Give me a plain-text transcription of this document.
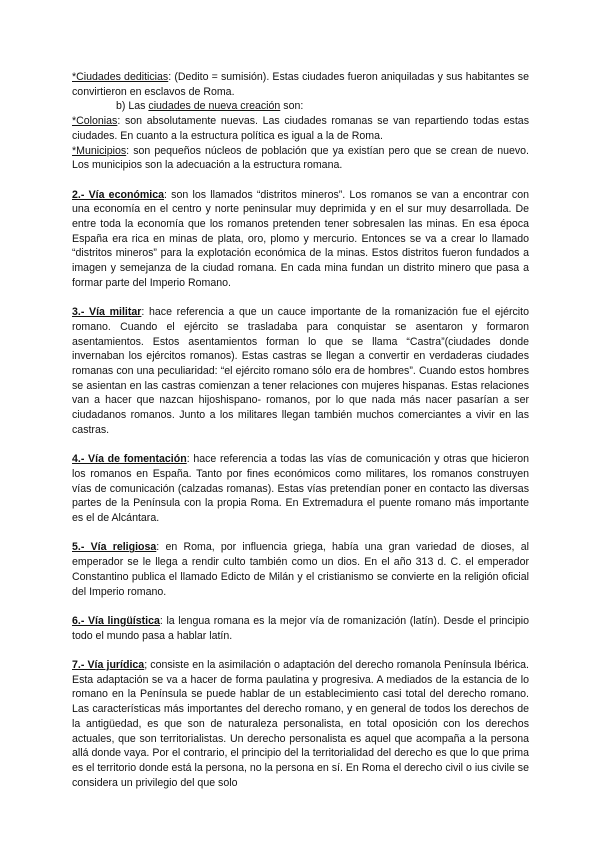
*Ciudades dediticias: (Dedito = sumisión). Estas ciudades fueron aniquiladas y sus habitantes se convirtieron en esclavos de Roma.

b) Las ciudades de nueva creación son:

*Colonias: son absolutamente nuevas. Las ciudades romanas se van repartiendo todas estas ciudades. En cuanto a la estructura política es igual a la de Roma.

*Municipios: son pequeños núcleos de población que ya existían pero que se crean de nuevo. Los municipios son la adecuación a la estructura romana.

2.- Vía económica: son los llamados “distritos mineros”. Los romanos se van a encontrar con una economía en el centro y norte peninsular muy deprimida y en el sur muy desarrollada. De entre toda la economía que los romanos pretenden tener sobresalen las minas. En esa época España era rica en minas de plata, oro, plomo y mercurio. Entonces se va a crear lo llamado “distritos mineros” para la explotación económica de la minas. Estos distritos fueron fundados a imagen y semejanza de la ciudad romana. En cada mina fundan un distrito minero que pasa a formar parte del Imperio Romano.

3.- Vía militar: hace referencia a que un cauce importante de la romanización fue el ejército romano. Cuando el ejército se trasladaba para conquistar se asentaron y formaron asentamientos. Estos asentamientos forman lo que se llama “Castra”(ciudades donde invernaban los ejércitos romanos). Estas castras se llegan a convertir en verdaderas ciudades romanas con una peculiaridad: “el ejército romano sólo era de hombres”. Cuando estos hombres se asientan en las castras comienzan a tener relaciones con mujeres hispanas. Estas relaciones van a hacer que nazcan hijoshispano- romanos, por lo que nada más nacer pasarían a ser ciudadanos romanos. Junto a los militares llegan también muchos comerciantes a vivir en las castras.

4.- Vía de fomentación: hace referencia a todas las vías de comunicación y otras que hicieron los romanos en España. Tanto por fines económicos como militares, los romanos construyen vías de comunicación (calzadas romanas). Estas vías pretendían poner en contacto las diversas partes de la Península con la propia Roma. En Extremadura el puente romano más importante es el de Alcántara.

5.- Vía religiosa: en Roma, por influencia griega, había una gran variedad de dioses, al emperador se le llega a rendir culto también como un dios. En el año 313 d. C. el emperador Constantino publica el llamado Edicto de Milán y el cristianismo se convierte en la religión oficial del Imperio romano.

6.- Vía lingüística: la lengua romana es la mejor vía de romanización (latín). Desde el principio todo el mundo pasa a hablar latín.

7.- Vía jurídica; consiste en la asimilación o adaptación del derecho romanola Península Ibérica. Esta adaptación se va a hacer de forma paulatina y progresiva. A mediados de la estancia de lo romano en la Península se puede hablar de un establecimiento casi total del derecho romano. Las características más importantes del derecho romano, y en general de todos los derechos de la antigüedad, es que son de naturaleza personalista, en total oposición con los derechos actuales, que son territorialistas. Un derecho personalista es aquel que acompaña a la persona allá donde vaya. Por el contrario, el principio del la territorialidad del derecho es que lo que prima es el territorio donde está la persona, no la persona en sí. En Roma el derecho civil o ius civile se considera un privilegio del que solo
